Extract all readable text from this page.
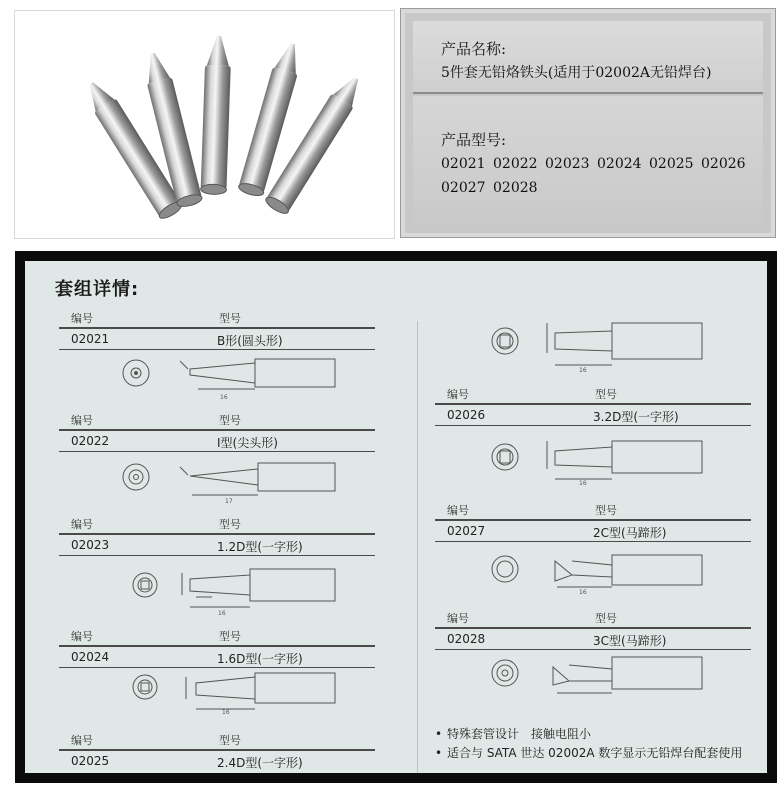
产品名称:
5件套无铅烙铁头(适用于02002A无铅焊台)
产品型号:
02021 02022 02023 02024 02025 02026 02027 02028
套组详情:
编号	型号
02021	B形(圆头形)
16
编号	型号
02022	I型(尖头形)
17
编号	型号
02023	1.2D型(一字形)
16
编号	型号
02024	1.6D型(一字形)
16
编号	型号
02025	2.4D型(一字形)
16
编号	型号
02026	3.2D型(一字形)
16
编号	型号
02027	2C型(马蹄形)
16
编号	型号
02028	3C型(马蹄形)
• 特殊套管设计　接触电阻小
• 适合与 SATA 世达 02002A 数字显示无铅焊台配套使用
